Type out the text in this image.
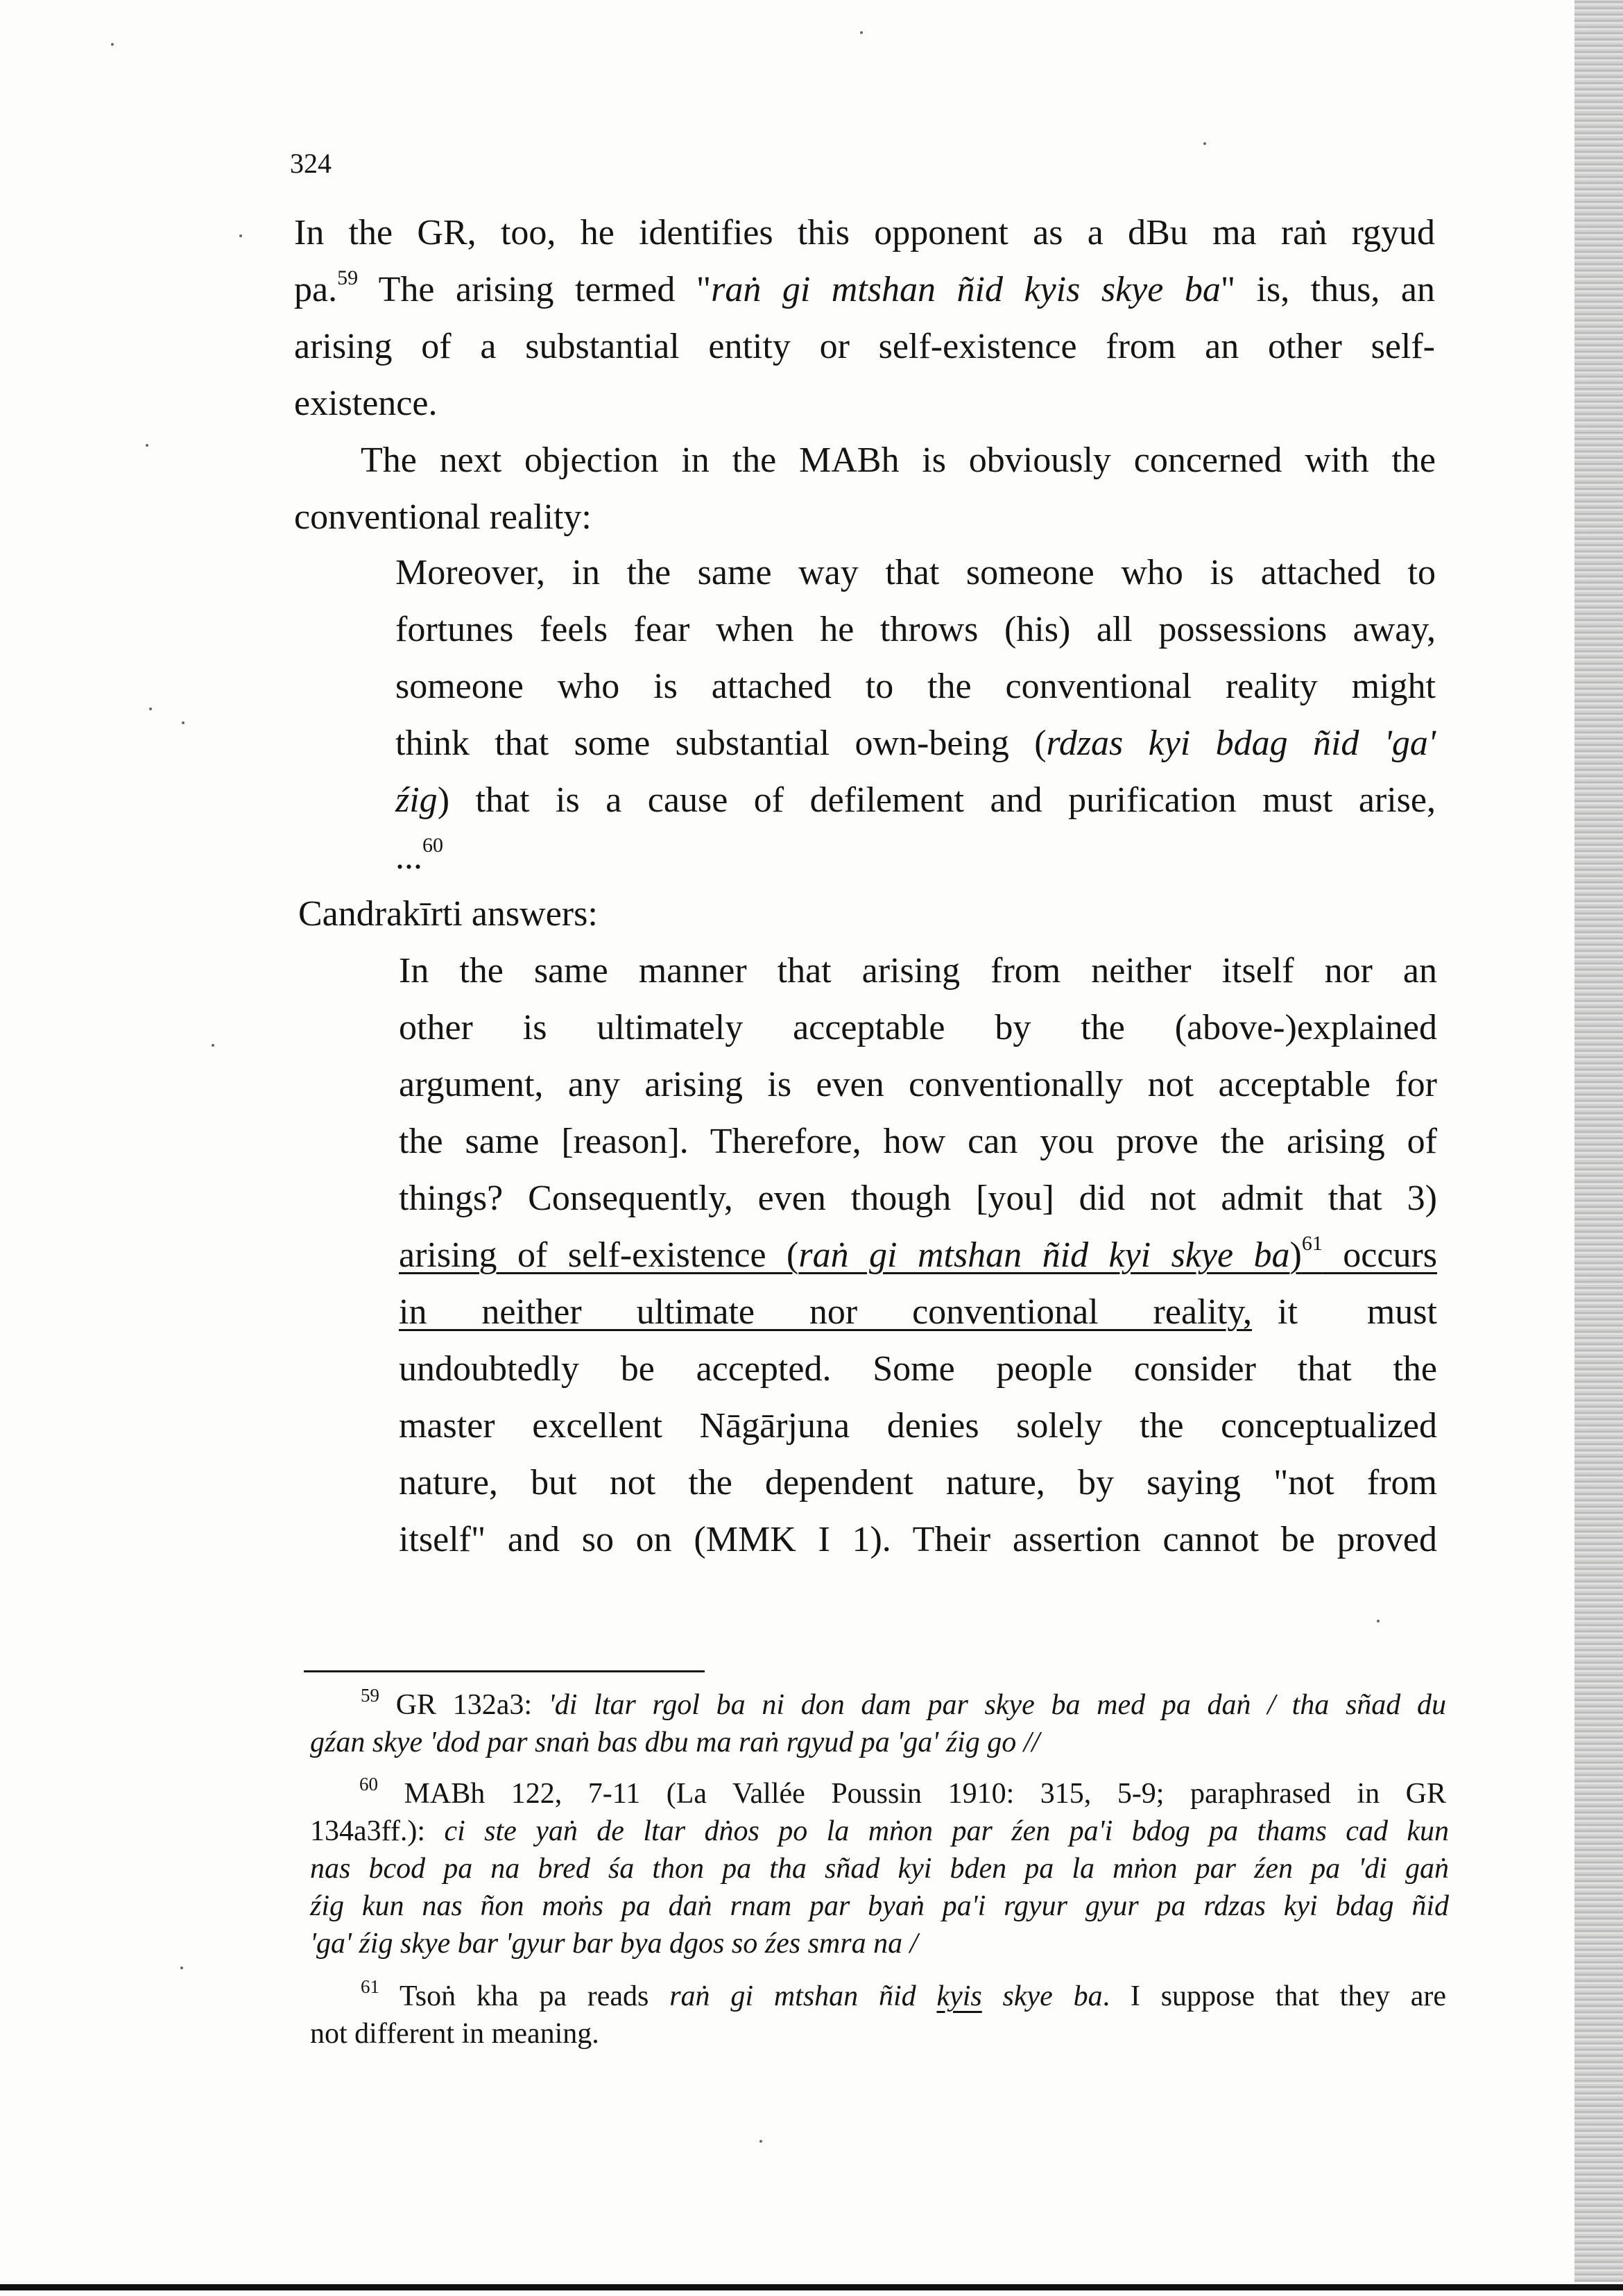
324
In the GR, too, he identifies this opponent as a dBu ma raṅ rgyud
pa.$^{59}$ The arising termed "raṅ gi mtshan ñid kyis skye ba" is, thus, an
arising of a substantial entity or self-existence from an other self-
existence.
The next objection in the MABh is obviously concerned with the
conventional reality:
Moreover, in the same way that someone who is attached to
fortunes feels fear when he throws (his) all possessions away,
someone who is attached to the conventional reality might
think that some substantial own-being (rdzas kyi bdag ñid 'ga'
źig) that is a cause of defilement and purification must arise,
...$^{60}$
Candrakīrti answers:
In the same manner that arising from neither itself nor an
other is ultimately acceptable by the (above-)explained
argument, any arising is even conventionally not acceptable for
the same [reason]. Therefore, how can you prove the arising of
things? Consequently, even though [you] did not admit that 3)
arising of self-existence (raṅ gi mtshan ñid kyi skye ba)$^{61}$ occurs
in neither ultimate nor conventional reality, it must
undoubtedly be accepted. Some people consider that the
master excellent Nāgārjuna denies solely the conceptualized
nature, but not the dependent nature, by saying "not from
itself" and so on (MMK I 1). Their assertion cannot be proved
$^{59}$ GR 132a3: 'di ltar rgol ba ni don dam par skye ba med pa daṅ / tha sñad du
gźan skye 'dod par snaṅ bas dbu ma raṅ rgyud pa 'ga' źig go //
$^{60}$ MABh 122, 7-11 (La Vallée Poussin 1910: 315, 5-9; paraphrased in GR
134a3ff.): ci ste yaṅ de ltar dṅos po la mṅon par źen pa'i bdog pa thams cad kun
nas bcod pa na bred śa thon pa tha sñad kyi bden pa la mṅon par źen pa 'di gaṅ
źig kun nas ñon moṅs pa daṅ rnam par byaṅ pa'i rgyur gyur pa rdzas kyi bdag ñid
'ga' źig skye bar 'gyur bar bya dgos so źes smra na /
$^{61}$ Tsoṅ kha pa reads raṅ gi mtshan ñid kyis skye ba. I suppose that they are
not different in meaning.
